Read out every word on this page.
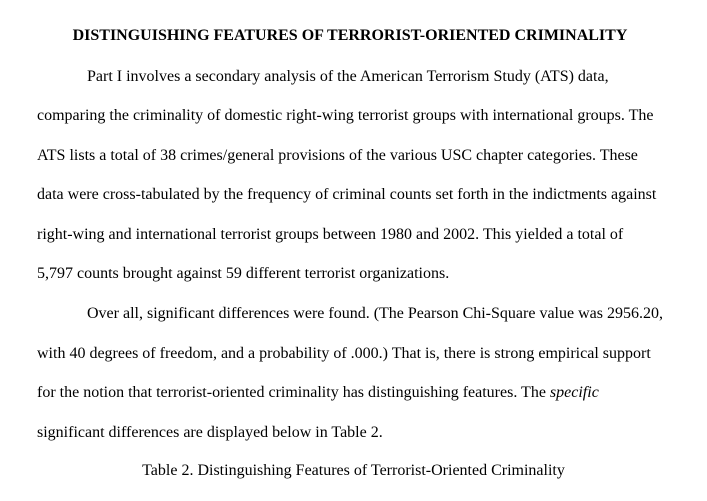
DISTINGUISHING FEATURES OF TERRORIST-ORIENTED CRIMINALITY
Part I involves a secondary analysis of the American Terrorism Study (ATS) data,
comparing the criminality of domestic right-wing terrorist groups with international groups. The
ATS lists a total of 38 crimes/general provisions of the various USC chapter categories. These
data were cross-tabulated by the frequency of criminal counts set forth in the indictments against
right-wing and international terrorist groups between 1980 and 2002. This yielded a total of
5,797 counts brought against 59 different terrorist organizations.
Over all, significant differences were found. (The Pearson Chi-Square value was 2956.20,
with 40 degrees of freedom, and a probability of .000.) That is, there is strong empirical support
for the notion that terrorist-oriented criminality has distinguishing features. The specific
significant differences are displayed below in Table 2.
Table 2. Distinguishing Features of Terrorist-Oriented Criminality
